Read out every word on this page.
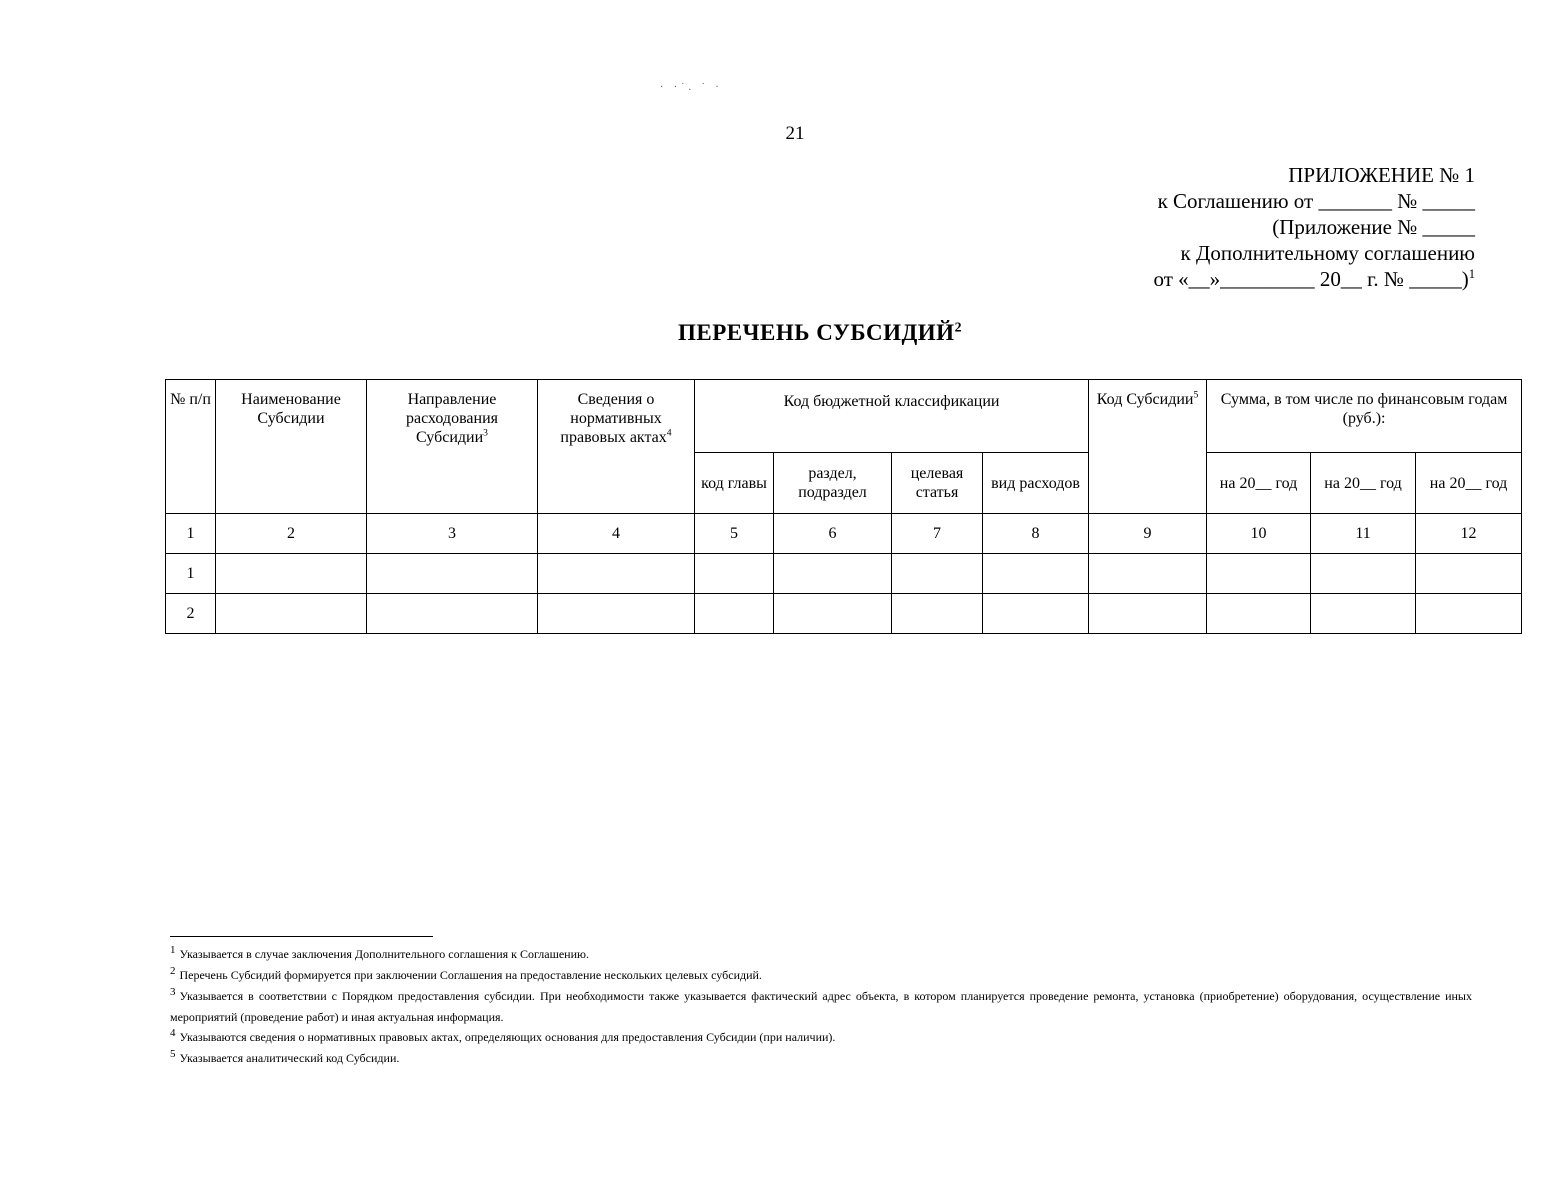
· ·˙. ˙ ·
21
ПРИЛОЖЕНИЕ № 1
к Соглашению от _______ № _____
(Приложение № _____
к Дополнительному соглашению
от «__»_________ 20__ г. № _____)$^1$
ПЕРЕЧЕНЬ СУБСИДИЙ$^2$
№ п/п	Наименование Субсидии	Направление расходования Субсидии$^3$	Сведения о нормативных правовых актах$^4$	Код бюджетной классификации				Код Субсидии$^5$	Сумма, в том числе по финансовым годам (руб.):		
				код главы	раздел, подраздел	целевая статья	вид расходов		на 20__ год	на 20__ год	на 20__ год
1	2	3	4	5	6	7	8	9	10	11	12
1											
2											
1 Указывается в случае заключения Дополнительного соглашения к Соглашению.
2 Перечень Субсидий формируется при заключении Соглашения на предоставление нескольких целевых субсидий.
3 Указывается в соответствии с Порядком предоставления субсидии. При необходимости также указывается фактический адрес объекта, в котором планируется проведение ремонта, установка (приобретение) оборудования, осуществление иных мероприятий (проведение работ) и иная актуальная информация.
4 Указываются сведения о нормативных правовых актах, определяющих основания для предоставления Субсидии (при наличии).
5 Указывается аналитический код Субсидии.
